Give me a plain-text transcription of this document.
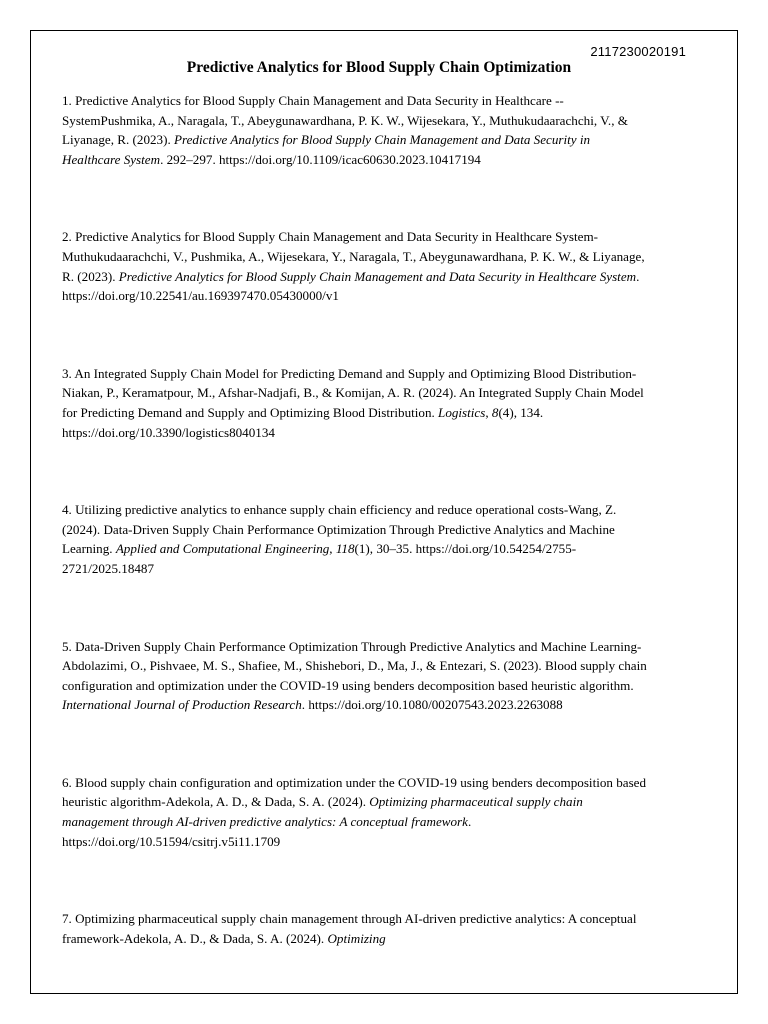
2117230020191
Predictive Analytics for Blood Supply Chain Optimization

1. Predictive Analytics for Blood Supply Chain Management and Data Security in Healthcare --SystemPushmika, A., Naragala, T., Abeygunawardhana, P. K. W., Wijesekara, Y., Muthukudaarachchi, V., & Liyanage, R. (2023). Predictive Analytics for Blood Supply Chain Management and Data Security in Healthcare System. 292–297. https://doi.org/10.1109/icac60630.2023.10417194

2. Predictive Analytics for Blood Supply Chain Management and Data Security in Healthcare System-Muthukudaarachchi, V., Pushmika, A., Wijesekara, Y., Naragala, T., Abeygunawardhana, P. K. W., & Liyanage, R. (2023). Predictive Analytics for Blood Supply Chain Management and Data Security in Healthcare System. https://doi.org/10.22541/au.169397470.05430000/v1

3. An Integrated Supply Chain Model for Predicting Demand and Supply and Optimizing Blood Distribution-Niakan, P., Keramatpour, M., Afshar-Nadjafi, B., & Komijan, A. R. (2024). An Integrated Supply Chain Model for Predicting Demand and Supply and Optimizing Blood Distribution. Logistics, 8(4), 134. https://doi.org/10.3390/logistics8040134

4. Utilizing predictive analytics to enhance supply chain efficiency and reduce operational costs-Wang, Z. (2024). Data-Driven Supply Chain Performance Optimization Through Predictive Analytics and Machine Learning. Applied and Computational Engineering, 118(1), 30–35. https://doi.org/10.54254/2755-2721/2025.18487

5. Data-Driven Supply Chain Performance Optimization Through Predictive Analytics and Machine Learning-Abdolazimi, O., Pishvaee, M. S., Shafiee, M., Shishebori, D., Ma, J., & Entezari, S. (2023). Blood supply chain configuration and optimization under the COVID-19 using benders decomposition based heuristic algorithm. International Journal of Production Research. https://doi.org/10.1080/00207543.2023.2263088

6. Blood supply chain configuration and optimization under the COVID-19 using benders decomposition based heuristic algorithm-Adekola, A. D., & Dada, S. A. (2024). Optimizing pharmaceutical supply chain management through AI-driven predictive analytics: A conceptual framework. https://doi.org/10.51594/csitrj.v5i11.1709

7. Optimizing pharmaceutical supply chain management through AI-driven predictive analytics: A conceptual framework-Adekola, A. D., & Dada, S. A. (2024). Optimizing
